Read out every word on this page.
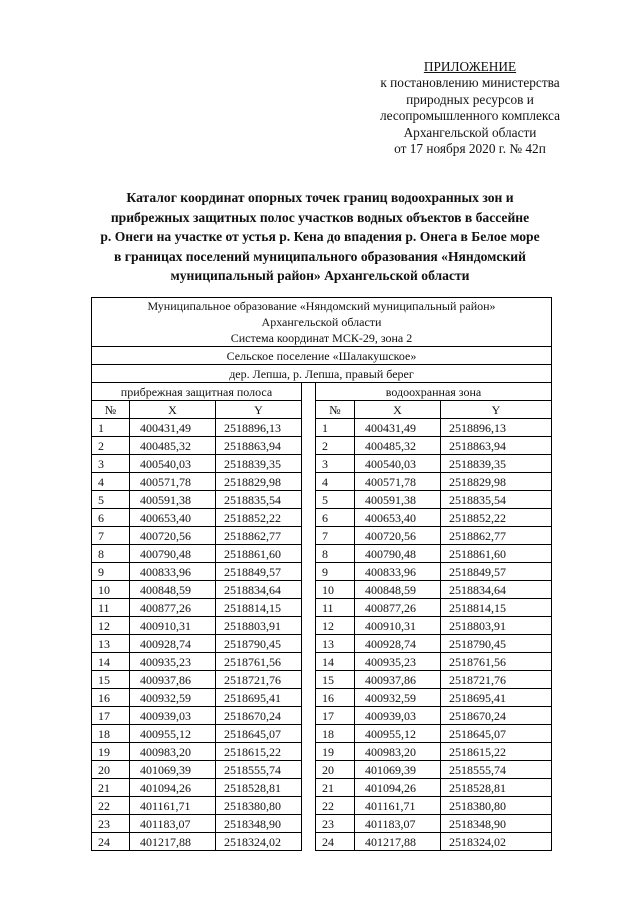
ПРИЛОЖЕНИЕ
к постановлению министерства
природных ресурсов и
лесопромышленного комплекса
Архангельской области
от 17 ноября 2020 г. № 42п
Каталог координат опорных точек границ водоохранных зон и
прибрежных защитных полос участков водных объектов в бассейне
р. Онеги на участке от устья р. Кена до впадения р. Онега в Белое море
в границах поселений муниципального образования «Няндомский
муниципальный район» Архангельской области
Муниципальное образование «Няндомский муниципальный район»
Архангельской области
Система координат МСК-29, зона 2						

Сельское поселение «Шалакушское»						
дер. Лепша, р. Лепша, правый берег						
прибрежная защитная полоса				водоохранная зона		
№	X	Y		№	X	Y
1	400431,49	2518896,13		1	400431,49	2518896,13
2	400485,32	2518863,94		2	400485,32	2518863,94
3	400540,03	2518839,35		3	400540,03	2518839,35
4	400571,78	2518829,98		4	400571,78	2518829,98
5	400591,38	2518835,54		5	400591,38	2518835,54
6	400653,40	2518852,22		6	400653,40	2518852,22
7	400720,56	2518862,77		7	400720,56	2518862,77
8	400790,48	2518861,60		8	400790,48	2518861,60
9	400833,96	2518849,57		9	400833,96	2518849,57
10	400848,59	2518834,64		10	400848,59	2518834,64
11	400877,26	2518814,15		11	400877,26	2518814,15
12	400910,31	2518803,91		12	400910,31	2518803,91
13	400928,74	2518790,45		13	400928,74	2518790,45
14	400935,23	2518761,56		14	400935,23	2518761,56
15	400937,86	2518721,76		15	400937,86	2518721,76
16	400932,59	2518695,41		16	400932,59	2518695,41
17	400939,03	2518670,24		17	400939,03	2518670,24
18	400955,12	2518645,07		18	400955,12	2518645,07
19	400983,20	2518615,22		19	400983,20	2518615,22
20	401069,39	2518555,74		20	401069,39	2518555,74
21	401094,26	2518528,81		21	401094,26	2518528,81
22	401161,71	2518380,80		22	401161,71	2518380,80
23	401183,07	2518348,90		23	401183,07	2518348,90
24	401217,88	2518324,02		24	401217,88	2518324,02
